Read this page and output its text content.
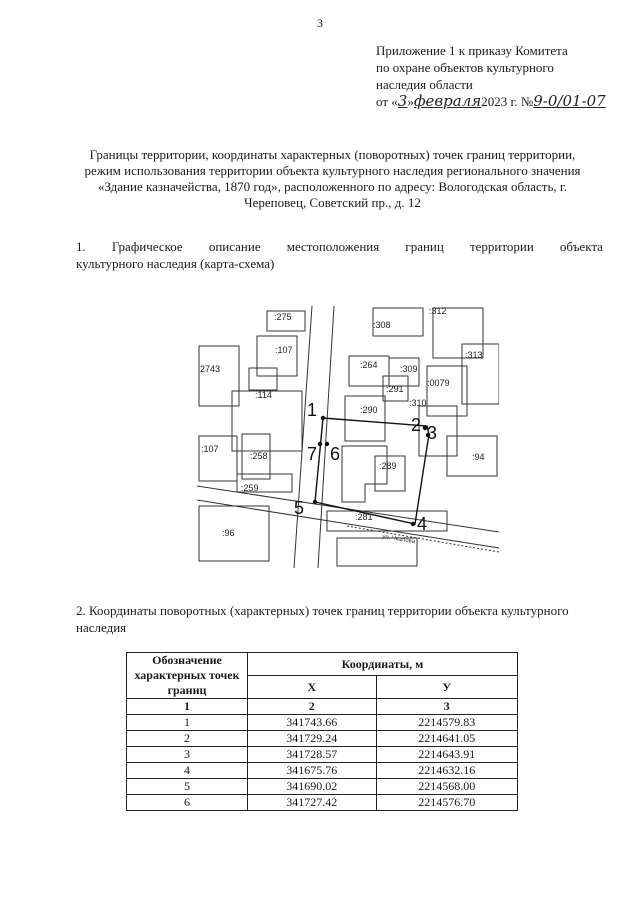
3
Приложение 1 к приказу Комитета
по охране объектов культурного
наследия области
от «3»февраля2023 г. №9-0/01-07
Границы территории, координаты характерных (поворотных) точек границ территории, режим использования территории объекта культурного наследия регионального значения «Здание казначейства, 1870 год», расположенного по адресу: Вологодская область, г. Череповец, Советский пр., д. 12
1. Графическое описание местоположения границ территории объекта
культурного наследия (карта-схема)
1
2 3
4
5
6
7
:275
:107
2743
:114
:107
:258
:259
:96
:308
:312
:313
:264 :309
:291
:0079
:290
:310
:94
:289
:281
ул. Чкалова
2. Координаты поворотных (характерных) точек границ территории объекта культурного наследия
Обозначение характерных точек границ	Координаты, м	
	X	У
1	2	3
1	341743.66	2214579.83
2	341729.24	2214641.05
3	341728.57	2214643.91
4	341675.76	2214632.16
5	341690.02	2214568.00
6	341727.42	2214576.70
